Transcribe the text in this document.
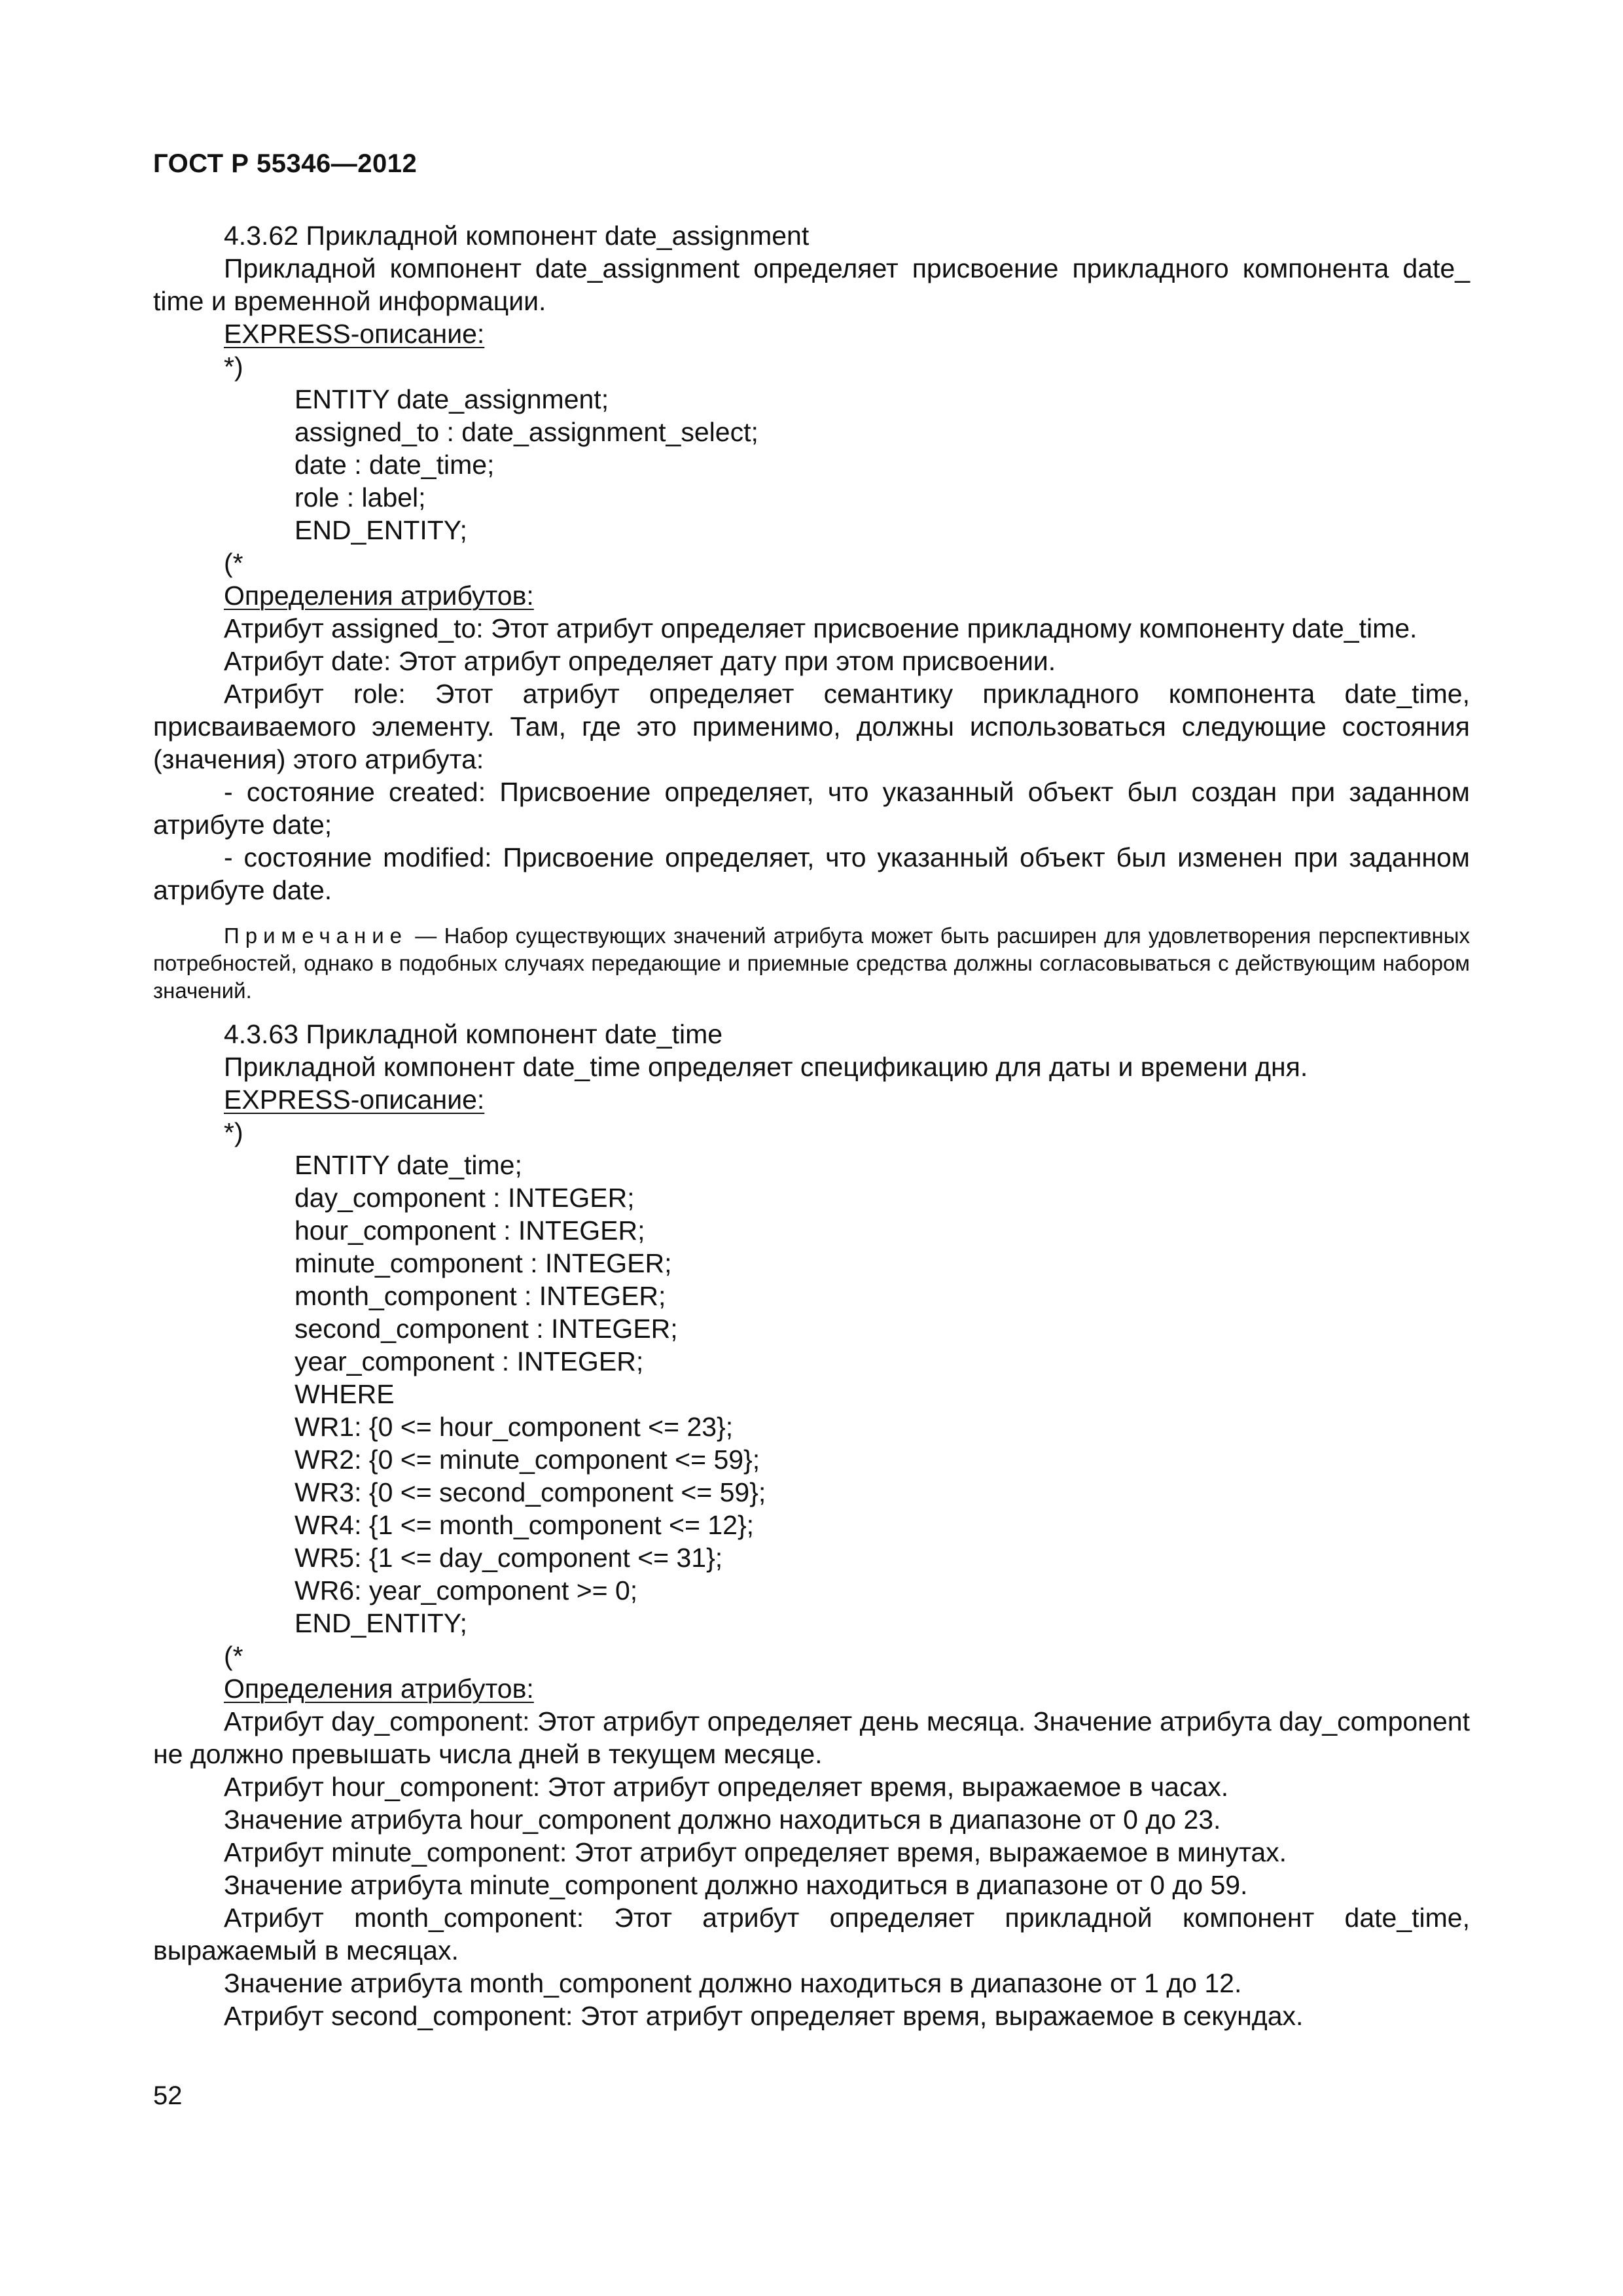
ГОСТ Р 55346—2012

4.3.62 Прикладной компонент date_assignment

Прикладной компонент date_assignment определяет присвоение прикладного компонента date_ time и временной информации.

EXPRESS-описание:

*)

ENTITY date_assignment;
assigned_to : date_assignment_select;
date : date_time;
role : label;
END_ENTITY;

(*

Определения атрибутов:

Атрибут assigned_to: Этот атрибут определяет присвоение прикладному компоненту date_time.

Атрибут date: Этот атрибут определяет дату при этом присвоении.

Атрибут role: Этот атрибут определяет семантику прикладного компонента date_time, присваиваемого элементу. Там, где это применимо, должны использоваться следующие состояния (значения) этого атрибута:

- состояние created: Присвоение определяет, что указанный объект был создан при заданном атрибуте date;

- состояние modified: Присвоение определяет, что указанный объект был изменен при заданном атрибуте date.

Примечание — Набор существующих значений атрибута может быть расширен для удовлетворения перспективных потребностей, однако в подобных случаях передающие и приемные средства должны согласовываться с действующим набором значений.

4.3.63 Прикладной компонент date_time

Прикладной компонент date_time определяет спецификацию для даты и времени дня.

EXPRESS-описание:

*)

ENTITY date_time;
day_component : INTEGER;
hour_component : INTEGER;
minute_component : INTEGER;
month_component : INTEGER;
second_component : INTEGER;
year_component : INTEGER;
WHERE
WR1: {0 <= hour_component <= 23};
WR2: {0 <= minute_component <= 59};
WR3: {0 <= second_component <= 59};
WR4: {1 <= month_component <= 12};
WR5: {1 <= day_component <= 31};
WR6: year_component >= 0;
END_ENTITY;

(*

Определения атрибутов:

Атрибут day_component: Этот атрибут определяет день месяца. Значение атрибута day_component не должно превышать числа дней в текущем месяце.

Атрибут hour_component: Этот атрибут определяет время, выражаемое в часах.

Значение атрибута hour_component должно находиться в диапазоне от 0 до 23.

Атрибут minute_component: Этот атрибут определяет время, выражаемое в минутах.

Значение атрибута minute_component должно находиться в диапазоне от 0 до 59.

Атрибут month_component: Этот атрибут определяет прикладной компонент date_time, выражаемый в месяцах.

Значение атрибута month_component должно находиться в диапазоне от 1 до 12.

Атрибут second_component: Этот атрибут определяет время, выражаемое в секундах.

52
